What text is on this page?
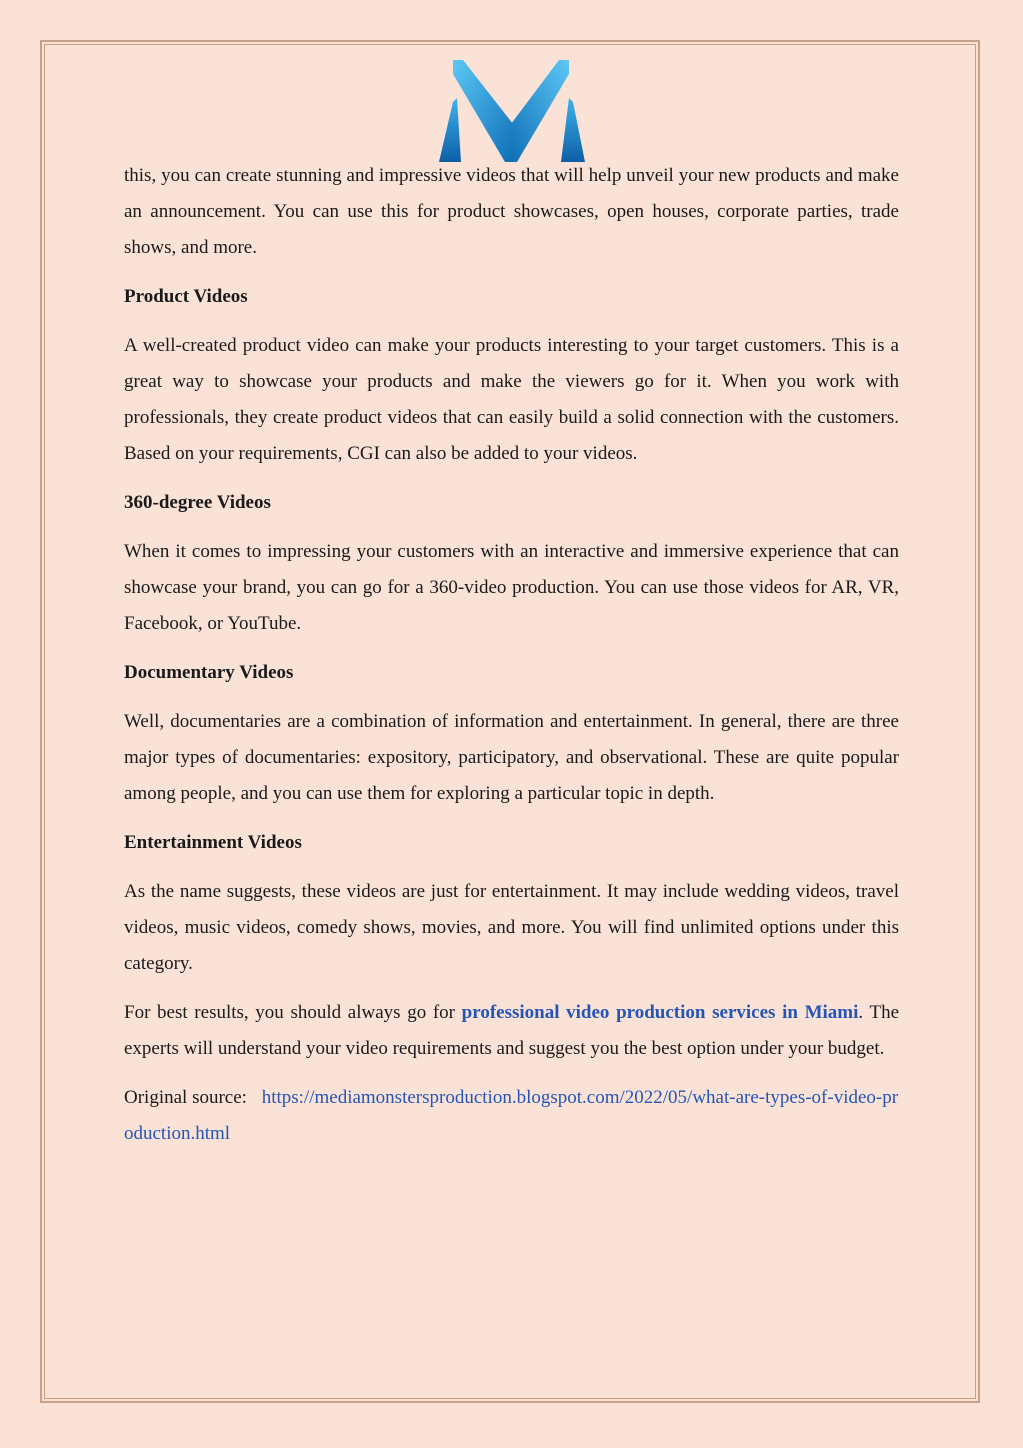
this, you can create stunning and impressive videos that will help unveil your new products and make an announcement. You can use this for product showcases, open houses, corporate parties, trade shows, and more.

Product Videos

A well-created product video can make your products interesting to your target customers. This is a great way to showcase your products and make the viewers go for it. When you work with professionals, they create product videos that can easily build a solid connection with the customers. Based on your requirements, CGI can also be added to your videos.

360-degree Videos

When it comes to impressing your customers with an interactive and immersive experience that can showcase your brand, you can go for a 360-video production. You can use those videos for AR, VR, Facebook, or YouTube.

Documentary Videos

Well, documentaries are a combination of information and entertainment. In general, there are three major types of documentaries: expository, participatory, and observational. These are quite popular among people, and you can use them for exploring a particular topic in depth.

Entertainment Videos

As the name suggests, these videos are just for entertainment. It may include wedding videos, travel videos, music videos, comedy shows, movies, and more. You will find unlimited options under this category.

For best results, you should always go for professional video production services in Miami. The experts will understand your video requirements and suggest you the best option under your budget.

Original source: https://mediamonstersproduction.blogspot.com/2022/05/what-are-types-of-video-production.html
